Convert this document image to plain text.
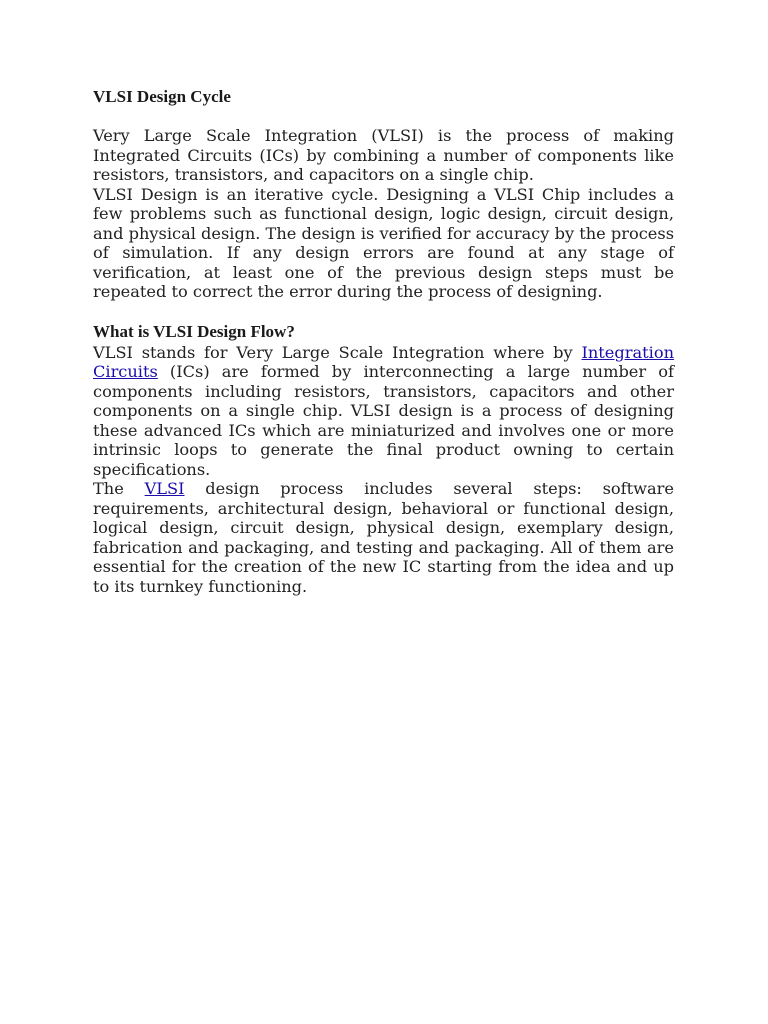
VLSI Design Cycle

Very Large Scale Integration (VLSI) is the process of making Integrated Circuits (ICs) by combining a number of components like resistors, transistors, and capacitors on a single chip.

VLSI Design is an iterative cycle. Designing a VLSI Chip includes a few problems such as functional design, logic design, circuit design, and physical design. The design is verified for accuracy by the process of simulation. If any design errors are found at any stage of verification, at least one of the previous design steps must be repeated to correct the error during the process of designing.

What is VLSI Design Flow?

VLSI stands for Very Large Scale Integration where by Integration Circuits (ICs) are formed by interconnecting a large number of components including resistors, transistors, capacitors and other components on a single chip. VLSI design is a process of designing these advanced ICs which are miniaturized and involves one or more intrinsic loops to generate the final product owning to certain specifications.

The VLSI design process includes several steps: software requirements, architectural design, behavioral or functional design, logical design, circuit design, physical design, exemplary design, fabrication and packaging, and testing and packaging. All of them are essential for the creation of the new IC starting from the idea and up to its turnkey functioning.
